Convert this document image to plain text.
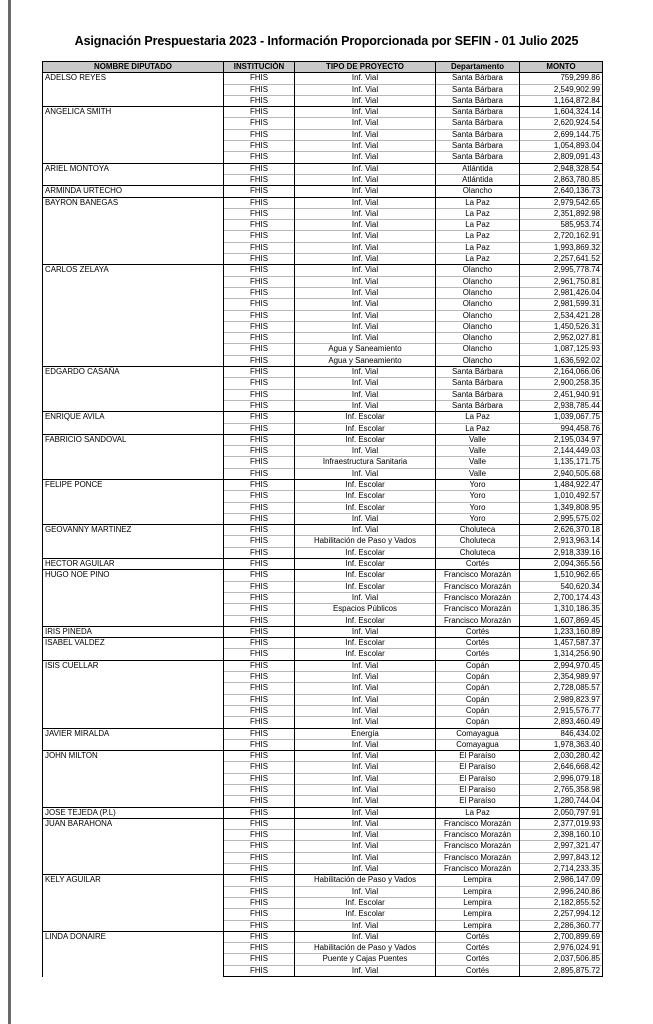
Asignación Prespuestaria 2023 - Información Proporcionada por SEFIN - 01 Julio 2025
NOMBRE DIPUTADO	INSTITUCIÓN	TIPO DE PROYECTO	Departamento	MONTO
ADELSO REYES	FHIS	Inf. Vial	Santa Bárbara	759,299.86
	FHIS	Inf. Vial	Santa Bárbara	2,549,902.99
	FHIS	Inf. Vial	Santa Bárbara	1,164,872.84
ANGELICA SMITH	FHIS	Inf. Vial	Santa Bárbara	1,604,324.14
	FHIS	Inf. Vial	Santa Bárbara	2,620,924.54
	FHIS	Inf. Vial	Santa Bárbara	2,699,144.75
	FHIS	Inf. Vial	Santa Bárbara	1,054,893.04
	FHIS	Inf. Vial	Santa Bárbara	2,809,091.43
ARIEL MONTOYA	FHIS	Inf. Vial	Atlántida	2,948,328.54
	FHIS	Inf. Vial	Atlántida	2,863,780.85
ARMINDA URTECHO	FHIS	Inf. Vial	Olancho	2,640,136.73
BAYRON BANEGAS	FHIS	Inf. Vial	La Paz	2,979,542.65
	FHIS	Inf. Vial	La Paz	2,351,892.98
	FHIS	Inf. Vial	La Paz	585,953.74
	FHIS	Inf. Vial	La Paz	2,720,162.91
	FHIS	Inf. Vial	La Paz	1,993,869.32
	FHIS	Inf. Vial	La Paz	2,257,641.52
CARLOS ZELAYA	FHIS	Inf. Vial	Olancho	2,995,778.74
	FHIS	Inf. Vial	Olancho	2,961,750.81
	FHIS	Inf. Vial	Olancho	2,981,426.04
	FHIS	Inf. Vial	Olancho	2,981,599.31
	FHIS	Inf. Vial	Olancho	2,534,421.28
	FHIS	Inf. Vial	Olancho	1,450,526.31
	FHIS	Inf. Vial	Olancho	2,952,027.81
	FHIS	Agua y Saneamiento	Olancho	1,087,125.93
	FHIS	Agua y Saneamiento	Olancho	1,636,592.02
EDGARDO CASAÑA	FHIS	Inf. Vial	Santa Bárbara	2,164,066.06
	FHIS	Inf. Vial	Santa Bárbara	2,900,258.35
	FHIS	Inf. Vial	Santa Bárbara	2,451,940.91
	FHIS	Inf. Vial	Santa Bárbara	2,938,785.44
ENRIQUE AVILA	FHIS	Inf. Escolar	La Paz	1,039,067.75
	FHIS	Inf. Escolar	La Paz	994,458.76
FABRICIO SANDOVAL	FHIS	Inf. Escolar	Valle	2,195,034.97
	FHIS	Inf. Vial	Valle	2,144,449.03
	FHIS	Infraestructura Sanitaria	Valle	1,135,171.75
	FHIS	Inf. Vial	Valle	2,940,505.68
FELIPE PONCE	FHIS	Inf. Escolar	Yoro	1,484,922.47
	FHIS	Inf. Escolar	Yoro	1,010,492.57
	FHIS	Inf. Escolar	Yoro	1,349,808.95
	FHIS	Inf. Vial	Yoro	2,995,575.02
GEOVANNY MARTINEZ	FHIS	Inf. Vial	Choluteca	2,626,370.18
	FHIS	Habilitación de Paso y Vados	Choluteca	2,913,963.14
	FHIS	Inf. Escolar	Choluteca	2,918,339.16
HECTOR AGUILAR	FHIS	Inf. Escolar	Cortés	2,094,365.56
HUGO NOE PINO	FHIS	Inf. Escolar	Francisco Morazán	1,510,962.65
	FHIS	Inf. Escolar	Francisco Morazán	540,620.34
	FHIS	Inf. Vial	Francisco Morazán	2,700,174.43
	FHIS	Espacios Públicos	Francisco Morazán	1,310,186.35
	FHIS	Inf. Escolar	Francisco Morazán	1,607,869.45
IRIS PINEDA	FHIS	Inf. Vial	Cortés	1,233,160.89
ISABEL VALDEZ	FHIS	Inf. Escolar	Cortés	1,457,587.37
	FHIS	Inf. Escolar	Cortés	1,314,256.90
ISIS CUELLAR	FHIS	Inf. Vial	Copán	2,994,970.45
	FHIS	Inf. Vial	Copán	2,354,989.97
	FHIS	Inf. Vial	Copán	2,728,085.57
	FHIS	Inf. Vial	Copán	2,989,823.97
	FHIS	Inf. Vial	Copán	2,915,576.77
	FHIS	Inf. Vial	Copán	2,893,460.49
JAVIER MIRALDA	FHIS	Energía	Comayagua	846,434.02
	FHIS	Inf. Vial	Comayagua	1,978,363.40
JOHN MILTON	FHIS	Inf. Vial	El Paraíso	2,030,280.42
	FHIS	Inf. Vial	El Paraíso	2,646,668.42
	FHIS	Inf. Vial	El Paraíso	2,996,079.18
	FHIS	Inf. Vial	El Paraíso	2,765,358.98
	FHIS	Inf. Vial	El Paraíso	1,280,744.04
JOSE TEJEDA (P.L)	FHIS	Inf. Vial	La Paz	2,050,797.91
JUAN BARAHONA	FHIS	Inf. Vial	Francisco Morazán	2,377,019.93
	FHIS	Inf. Vial	Francisco Morazán	2,398,160.10
	FHIS	Inf. Vial	Francisco Morazán	2,997,321.47
	FHIS	Inf. Vial	Francisco Morazán	2,997,843.12
	FHIS	Inf. Vial	Francisco Morazán	2,714,233.35
KELY AGUILAR	FHIS	Habilitación de Paso y Vados	Lempira	2,986,147.09
	FHIS	Inf. Vial	Lempira	2,996,240.86
	FHIS	Inf. Escolar	Lempira	2,182,855.52
	FHIS	Inf. Escolar	Lempira	2,257,994.12
	FHIS	Inf. Vial	Lempira	2,286,360.77
LINDA DONAIRE	FHIS	Inf. Vial	Cortés	2,700,899.69
	FHIS	Habilitación de Paso y Vados	Cortés	2,976,024.91
	FHIS	Puente y Cajas Puentes	Cortés	2,037,506.85
	FHIS	Inf. Vial	Cortés	2,895,875.72
